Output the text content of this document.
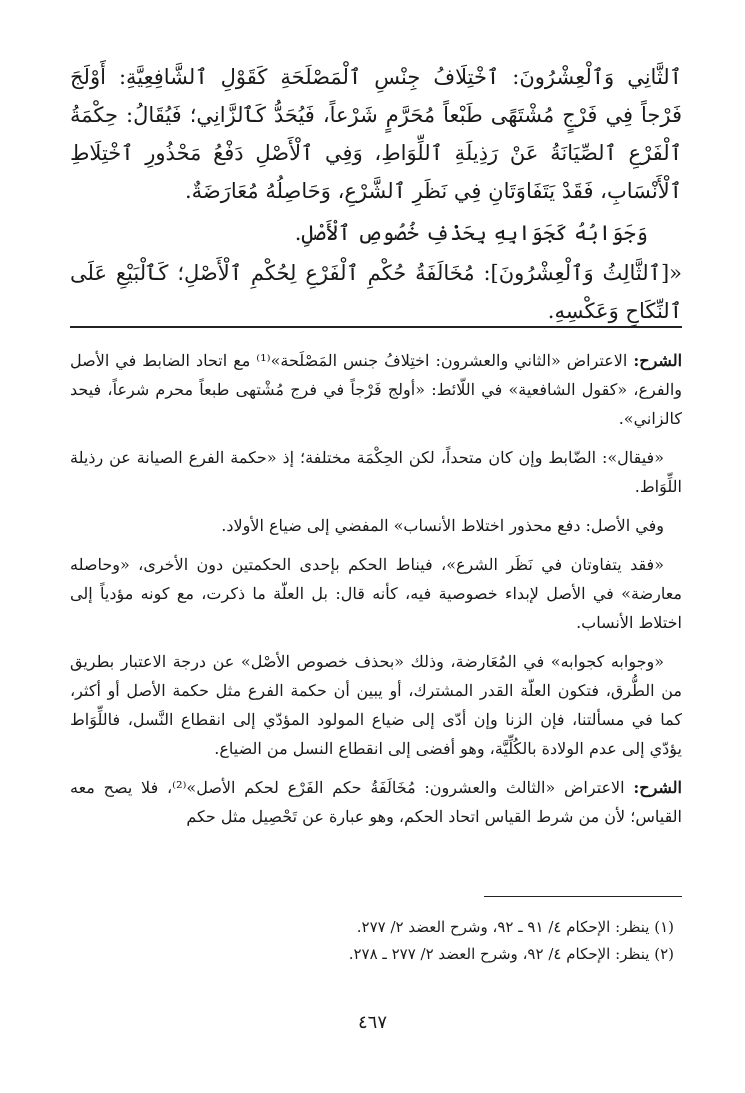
ٱلثَّانِي وَٱلْعِشْرُونَ: ٱخْتِلَافُ جِنْسِ ٱلْمَصْلَحَةِ كَقَوْلِ ٱلشَّافِعِيَّةِ: أَوْلَجَ فَرْجاً فِي فَرْجٍ مُشْتَهًى طَبْعاً مُحَرَّمٍ شَرْعاً، فَيُحَدُّ كَٱلزَّانِي؛ فَيُقَالُ: حِكْمَةُ ٱلْفَرْعِ ٱلصِّيَانَةُ عَنْ رَذِيلَةِ ٱللِّوَاطِ، وَفِي ٱلْأَصْلِ دَفْعُ مَحْذُورِ ٱخْتِلَاطِ ٱلْأَنْسَابِ، فَقَدْ يَتَفَاوَتَانِ فِي نَظَرِ ٱلشَّرْعِ، وَحَاصِلُهُ مُعَارَضَةٌ.

وَجَوَابُهُ كَجَوَابِهِ بِحَذْفِ خُصُوصِ ٱلْأَصْلِ.

«[ٱلثَّالِثُ وَٱلْعِشْرُونَ]: مُخَالَفَةُ حُكْمِ ٱلْفَرْعِ لِحُكْمِ ٱلْأَصْلِ؛ كَٱلْبَيْعِ عَلَى ٱلنِّكَاحِ وَعَكْسِهِ.

الشرح: الاعتراض «الثاني والعشرون: اختِلافُ جنس المَصْلَحة»⁽¹⁾ مع اتحاد الضابط في الأصل والفرع، «كقول الشافعية» في اللّائط: «أولج فَرْجاً في فرج مُشْتهى طبعاً محرم شرعاً، فيحد كالزاني».

«فيقال»: الضّابط وإن كان متحداً، لكن الحِكْمَة مختلفة؛ إذ «حكمة الفرع الصيانة عن رذيلة اللِّوَاط.

وفي الأصل: دفع محذور اختلاط الأنساب» المفضي إلى ضياع الأولاد.

«فقد يتفاوتان في نَظَر الشرع»، فيناط الحكم بإحدى الحكمتين دون الأخرى، «وحاصله معارضة» في الأصل لإبداء خصوصية فيه، كأنه قال: بل العلّة ما ذكرت، مع كونه مؤدياً إلى اختلاط الأنساب.

«وجوابه كجوابه» في المُعَارضة، وذلك «بحذف خصوص الأصْل» عن درجة الاعتبار بطريق من الطُّرق، فتكون العلّة القدر المشترك، أو يبين أن حكمة الفرع مثل حكمة الأصل أو أكثر، كما في مسألتنا، فإن الزنا وإن أدّى إلى ضياع المولود المؤدّي إلى انقطاع النَّسل، فاللِّوَاط يؤدّي إلى عدم الولادة بالكُلِّيَّة، وهو أفضى إلى انقطاع النسل من الضياع.

الشرح: الاعتراض «الثالث والعشرون: مُخَالَفَةُ حكم الفَرْع لحكم الأصل»⁽²⁾، فلا يصح معه القياس؛ لأن من شرط القياس اتحاد الحكم، وهو عبارة عن تَحْصِيل مثل حكم

(١) ينظر: الإحكام ٤/ ٩١ ـ ٩٢، وشرح العضد ٢/ ٢٧٧.
(٢) ينظر: الإحكام ٤/ ٩٢، وشرح العضد ٢/ ٢٧٧ ـ ٢٧٨.
٤٦٧
